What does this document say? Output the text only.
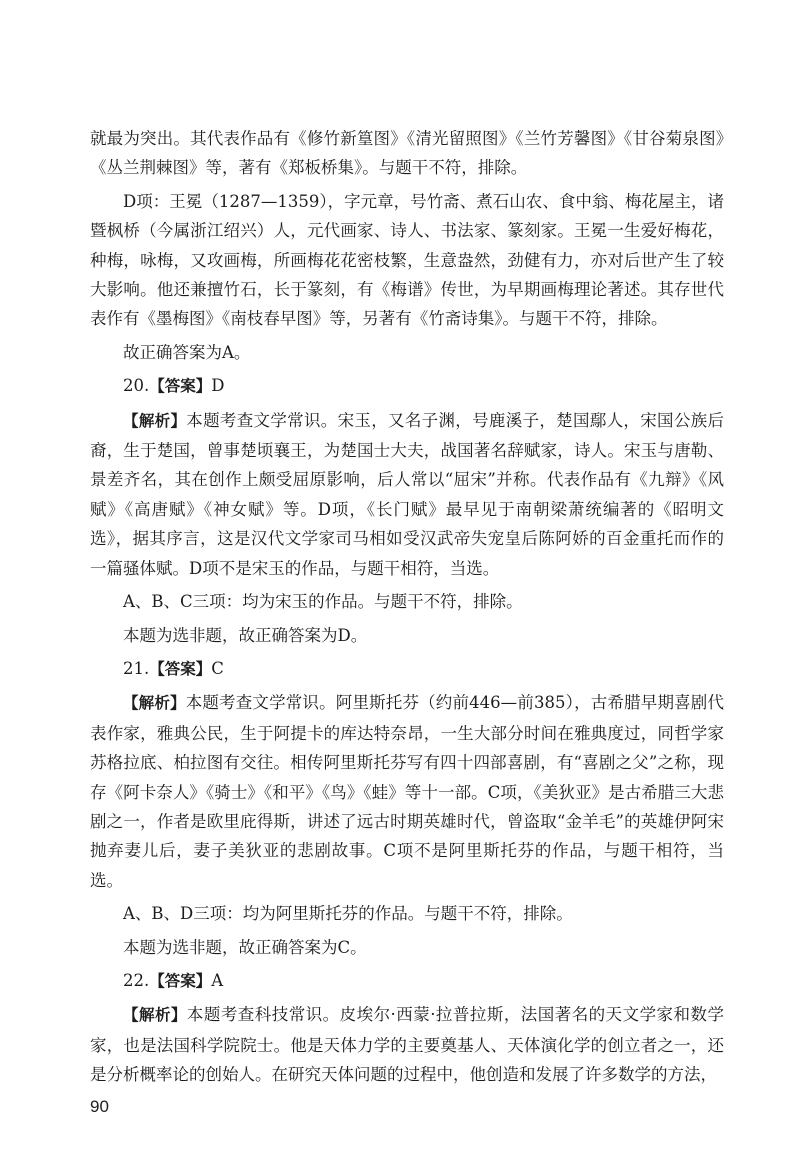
就最为突出。其代表作品有《修竹新篁图》《清光留照图》《兰竹芳馨图》《甘谷菊泉图》《丛兰荆棘图》等，著有《郑板桥集》。与题干不符，排除。

D项：王冕（1287—1359），字元章，号竹斋、煮石山农、食中翁、梅花屋主，诸暨枫桥（今属浙江绍兴）人，元代画家、诗人、书法家、篆刻家。王冕一生爱好梅花，种梅，咏梅，又攻画梅，所画梅花花密枝繁，生意盎然，劲健有力，亦对后世产生了较大影响。他还兼擅竹石，长于篆刻，有《梅谱》传世，为早期画梅理论著述。其存世代表作有《墨梅图》《南枝春早图》等，另著有《竹斋诗集》。与题干不符，排除。

故正确答案为A。

20.【答案】D

【解析】本题考查文学常识。宋玉，又名子渊，号鹿溪子，楚国鄢人，宋国公族后裔，生于楚国，曾事楚顷襄王，为楚国士大夫，战国著名辞赋家，诗人。宋玉与唐勒、景差齐名，其在创作上颇受屈原影响，后人常以“屈宋”并称。代表作品有《九辩》《风赋》《高唐赋》《神女赋》等。D项，《长门赋》最早见于南朝梁萧统编著的《昭明文选》，据其序言，这是汉代文学家司马相如受汉武帝失宠皇后陈阿娇的百金重托而作的一篇骚体赋。D项不是宋玉的作品，与题干相符，当选。

A、B、C三项：均为宋玉的作品。与题干不符，排除。

本题为选非题，故正确答案为D。

21.【答案】C

【解析】本题考查文学常识。阿里斯托芬（约前446—前385），古希腊早期喜剧代表作家，雅典公民，生于阿提卡的库达特奈昂，一生大部分时间在雅典度过，同哲学家苏格拉底、柏拉图有交往。相传阿里斯托芬写有四十四部喜剧，有“喜剧之父”之称，现存《阿卡奈人》《骑士》《和平》《鸟》《蛙》等十一部。C项，《美狄亚》是古希腊三大悲剧之一，作者是欧里庇得斯，讲述了远古时期英雄时代，曾盗取“金羊毛”的英雄伊阿宋抛弃妻儿后，妻子美狄亚的悲剧故事。C项不是阿里斯托芬的作品，与题干相符，当选。

A、B、D三项：均为阿里斯托芬的作品。与题干不符，排除。

本题为选非题，故正确答案为C。

22.【答案】A

【解析】本题考查科技常识。皮埃尔·西蒙·拉普拉斯，法国著名的天文学家和数学家，也是法国科学院院士。他是天体力学的主要奠基人、天体演化学的创立者之一，还是分析概率论的创始人。在研究天体问题的过程中，他创造和发展了许多数学的方法，

90
